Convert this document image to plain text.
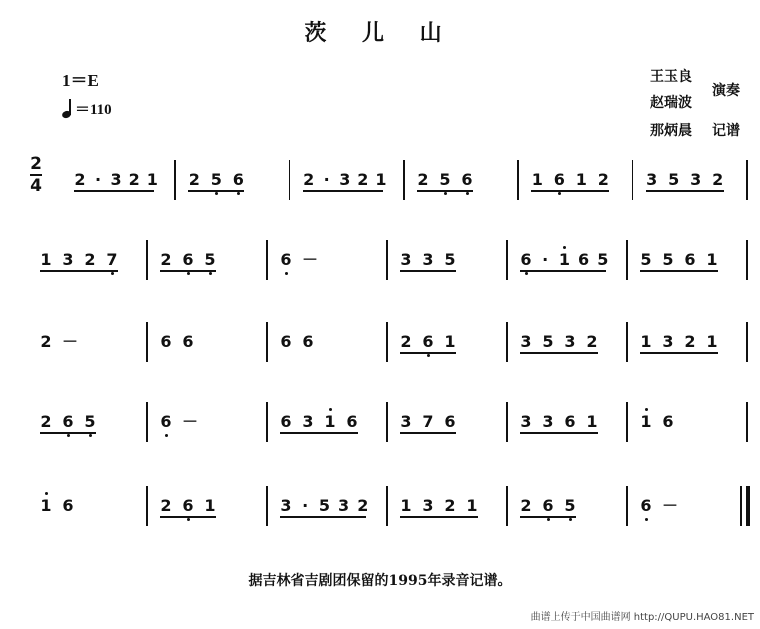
茨 儿 山
1＝E
＝110
王玉良
赵瑞波
演奏
那炳晨 记谱
2
4 2 · 3 2 1 2 5 6	2 · 3 2 1 2 5 6	1 6 1 2 3 5 3 2
1 3 2 7	2 6 5	6 －	3 3 5	6 · 1 6 5 5 5 6 1
2 －	6 6	6 6	2 6 1	3 5 3 2	1 3 2 1
2 6 5	6 －	6 3 1 6	3 7 6	3 3 6 1	1 6
1 6	2 6 1	3 · 5 3 2 1 3 2 1	2 6 5	6 －
据吉林省吉剧团保留的1995年录音记谱。
曲谱上传于中国曲谱网 http://QUPU.HAO81.NET
